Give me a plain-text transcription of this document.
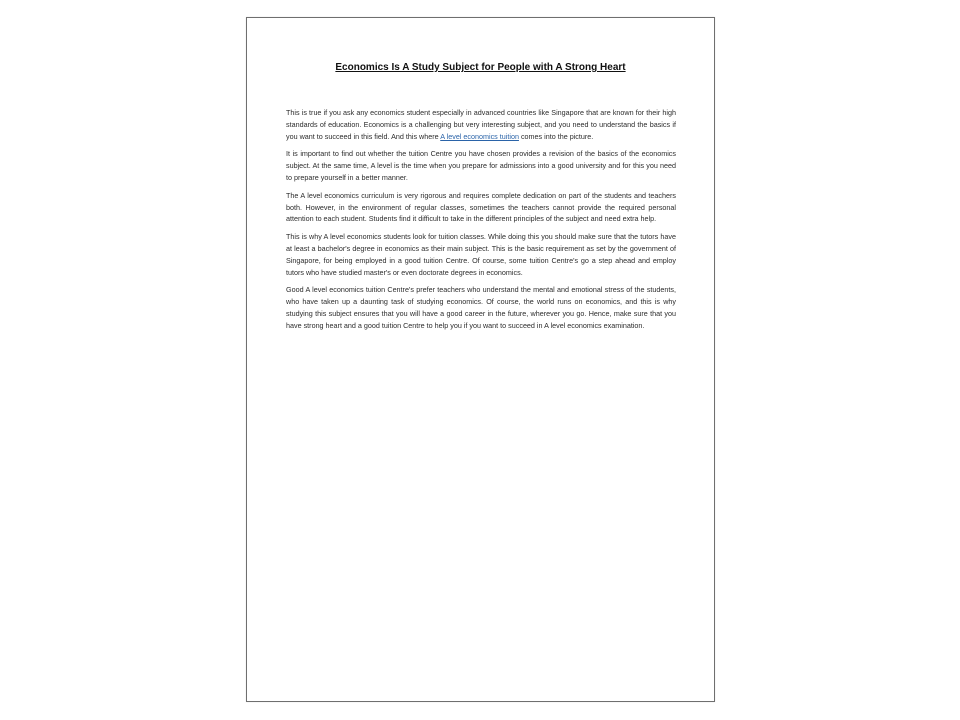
Economics Is A Study Subject for People with A Strong Heart

This is true if you ask any economics student especially in advanced countries like Singapore that are known for their high standards of education. Economics is a challenging but very interesting subject, and you need to understand the basics if you want to succeed in this field. And this where A level economics tuition comes into the picture.

It is important to find out whether the tuition Centre you have chosen provides a revision of the basics of the economics subject. At the same time, A level is the time when you prepare for admissions into a good university and for this you need to prepare yourself in a better manner.

The A level economics curriculum is very rigorous and requires complete dedication on part of the students and teachers both. However, in the environment of regular classes, sometimes the teachers cannot provide the required personal attention to each student. Students find it difficult to take in the different principles of the subject and need extra help.

This is why A level economics students look for tuition classes. While doing this you should make sure that the tutors have at least a bachelor's degree in economics as their main subject. This is the basic requirement as set by the government of Singapore, for being employed in a good tuition Centre. Of course, some tuition Centre's go a step ahead and employ tutors who have studied master's or even doctorate degrees in economics.

Good A level economics tuition Centre's prefer teachers who understand the mental and emotional stress of the students, who have taken up a daunting task of studying economics. Of course, the world runs on economics, and this is why studying this subject ensures that you will have a good career in the future, wherever you go. Hence, make sure that you have strong heart and a good tuition Centre to help you if you want to succeed in A level economics examination.
